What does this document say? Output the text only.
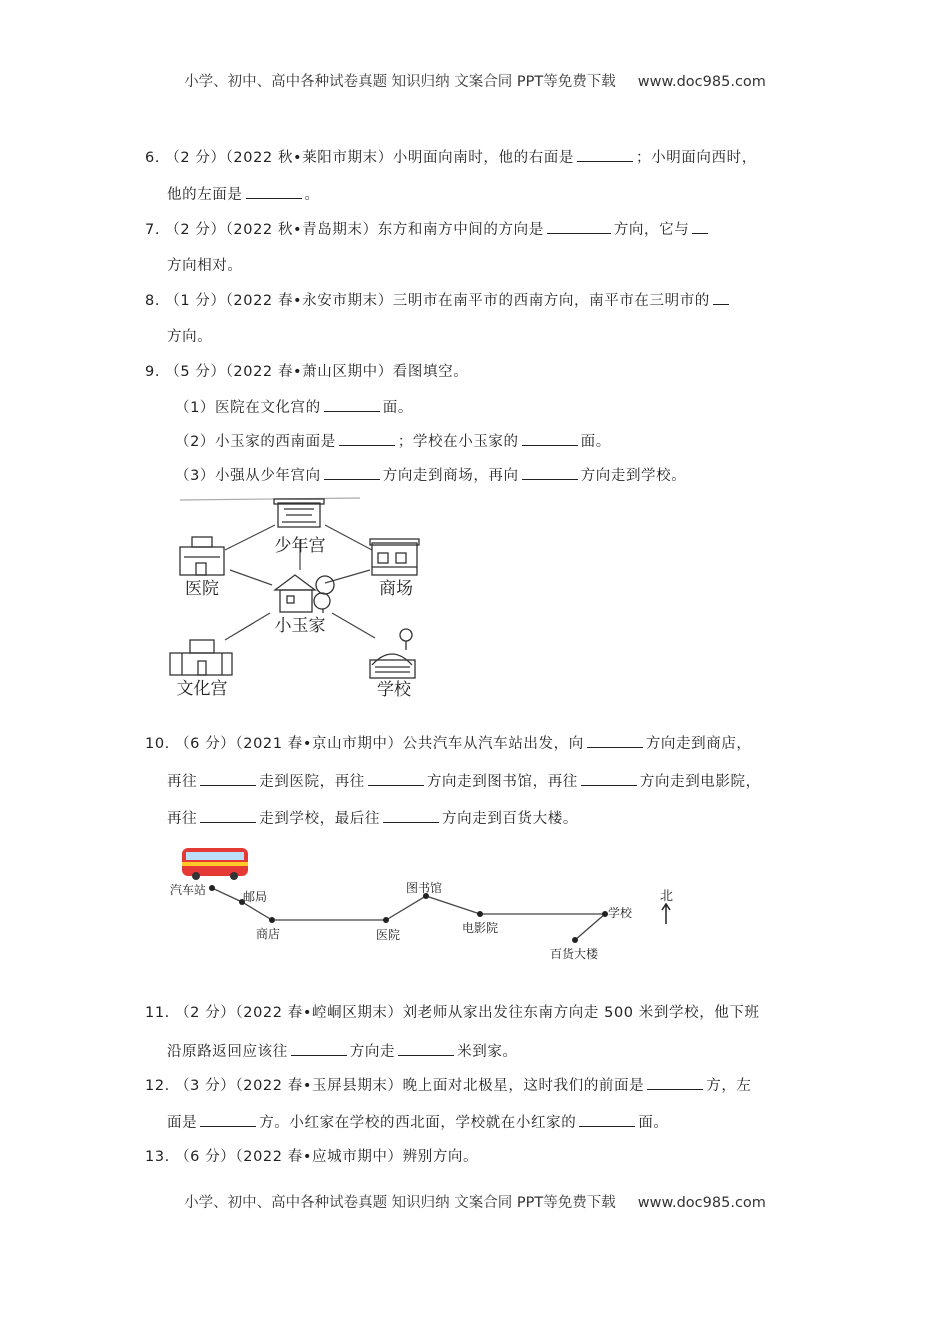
小学、初中、高中各种试卷真题 知识归纳 文案合同 PPT等免费下载 www.doc985.com
6. （2 分）（2022 秋•莱阳市期末）小明面向南时，他的右面是	；小明面向西时，
他的左面是	。
7. （2 分）（2022 秋•青岛期末）东方和南方中间的方向是	方向，它与
方向相对。
8. （1 分）（2022 春•永安市期末）三明市在南平市的西南方向，南平市在三明市的
方向。
9. （5 分）（2022 春•萧山区期中）看图填空。
（1）医院在文化宫的	面。
（2）小玉家的西南面是	；学校在小玉家的	面。
（3）小强从少年宫向	方向走到商场，再向	方向走到学校。
少年宫
医院	商场
小玉家
文化宫	学校
10. （6 分）（2021 春•京山市期中）公共汽车从汽车站出发，向	方向走到商店，
再往	走到医院，再往	方向走到图书馆，再往	方向走到电影院，
再往	走到学校，最后往	方向走到百货大楼。
汽车站	邮局
商店	医院
图书馆
电影院
学校
百货大楼
北
11. （2 分）（2022 春•崆峒区期末）刘老师从家出发往东南方向走 500 米到学校，他下班
沿原路返回应该往	方向走	米到家。
12. （3 分）（2022 春•玉屏县期末）晚上面对北极星，这时我们的前面是	方，左
面是	方。小红家在学校的西北面，学校就在小红家的	面。
13. （6 分）（2022 春•应城市期中）辨别方向。
小学、初中、高中各种试卷真题 知识归纳 文案合同 PPT等免费下载 www.doc985.com
